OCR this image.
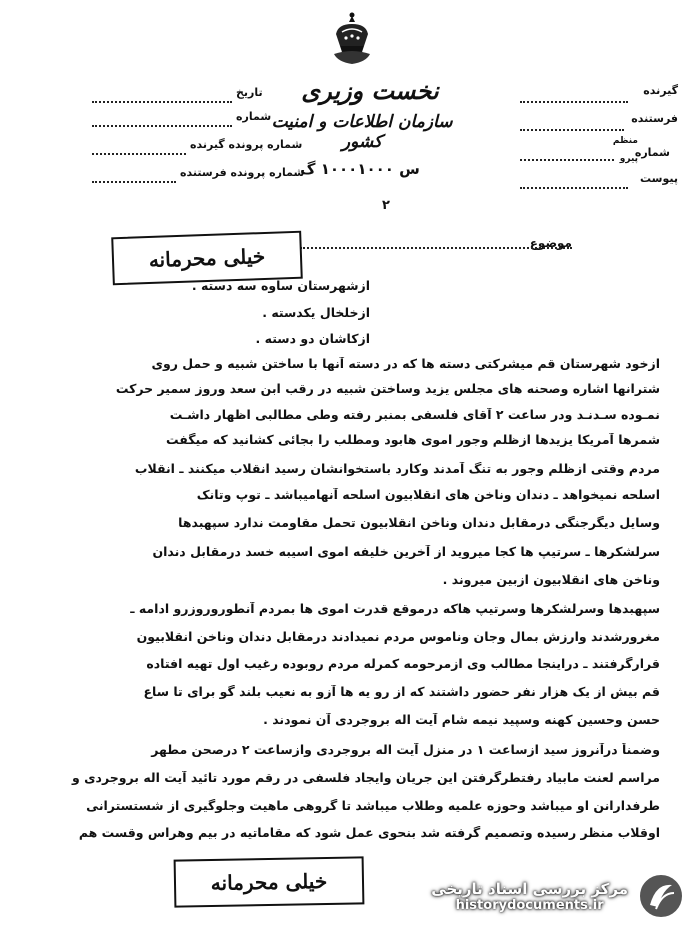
نخست وزیری
سازمان اطلاعات و امنیت کشور
س ۱۰۰۰۱۰۰۰ گ
۲
گیرنده
فرستنده
شماره
منظم
پیرو
پیوست
تاریخ
شماره
شماره پرونده گیرنده
شماره پرونده فرستنده
موضوع
خیلی محرمانه
ازشهرستان ساوه سه دسته .
ازخلخال یکدسته .
ازکاشان دو دسته .
ازخود شهرستان قم میشرکتی دسته ها که در دسته آنها با ساختن شبیه و حمل روی
شترانها اشاره وصحنه های مجلس یزید وساختن شبیه در رقب ابن سعد وروز سمیر حرکت
نمـوده سـدنـد ودر ساعت ۲ آقای فلسفی بمنبر رفته وطی مطالبی اظهار داشـت
شمرها آمریکا یزیدها ازظلم وجور اموی هابود ومطلب را بجائی کشانید که میگفت
مردم وقتی ازظلم وجور به تنگ آمدند وکارد باستخوانشان رسید انقلاب میکنند ـ انقلاب
اسلحه نمیخواهد ـ دندان وناخن های انقلابیون اسلحه آنهامیباشد ـ توپ وتانک
وسایل دیگرجنگی درمقابل دندان وناخن انقلابیون تحمل مقاومت ندارد سپهبدها
سرلشکرها ـ سرتیپ ها کجا میروید از آخرین خلیفه اموی اسیبه خسد درمقابل دندان
وناخن های انقلابیون ازبین میروند .
سپهبدها وسرلشکرها وسرتیپ هاکه درموقع قدرت اموی ها بمردم آنطوروروزرو ادامه ـ
مغرورشدند وارزش بمال وجان وناموس مردم نمیدادند درمقابل دندان وناخن انقلابیون
قرارگرفتند ـ دراینجا مطالب وی ازمرحومه کمرله مردم روبوده رغیب اول تهیه افتاده
قم بیش از یک هزار نفر حضور داشتند که از رو یه ها آزو به نعیب بلند گو برای تا ساع
حسن وحسین کهنه وسپید نیمه شام آیت اله بروجردی آن نمودند .
وضمناً درآنروز سید ازساعت ۱ در منزل آیت اله بروجردی وازساعت ۲ درصحن مطهر
مراسم لعنت مابیاد رفتطرگرفتن این جریان وایجاد فلسفی در رقم مورد تائید آیت اله بروجردی و
طرفدارانن او میباشد وحوزه علمیه وطلاب میباشد تا گروهی ماهیت وجلوگیری از شستسترانی
اوقلاب منظر رسیده وتصمیم گرفته شد بنحوی عمل شود که مقاماتیه در بیم وهراس وقست هم
خیلی محرمانه	مرکز بررسی اسناد تاریخی
historydocuments.ir
